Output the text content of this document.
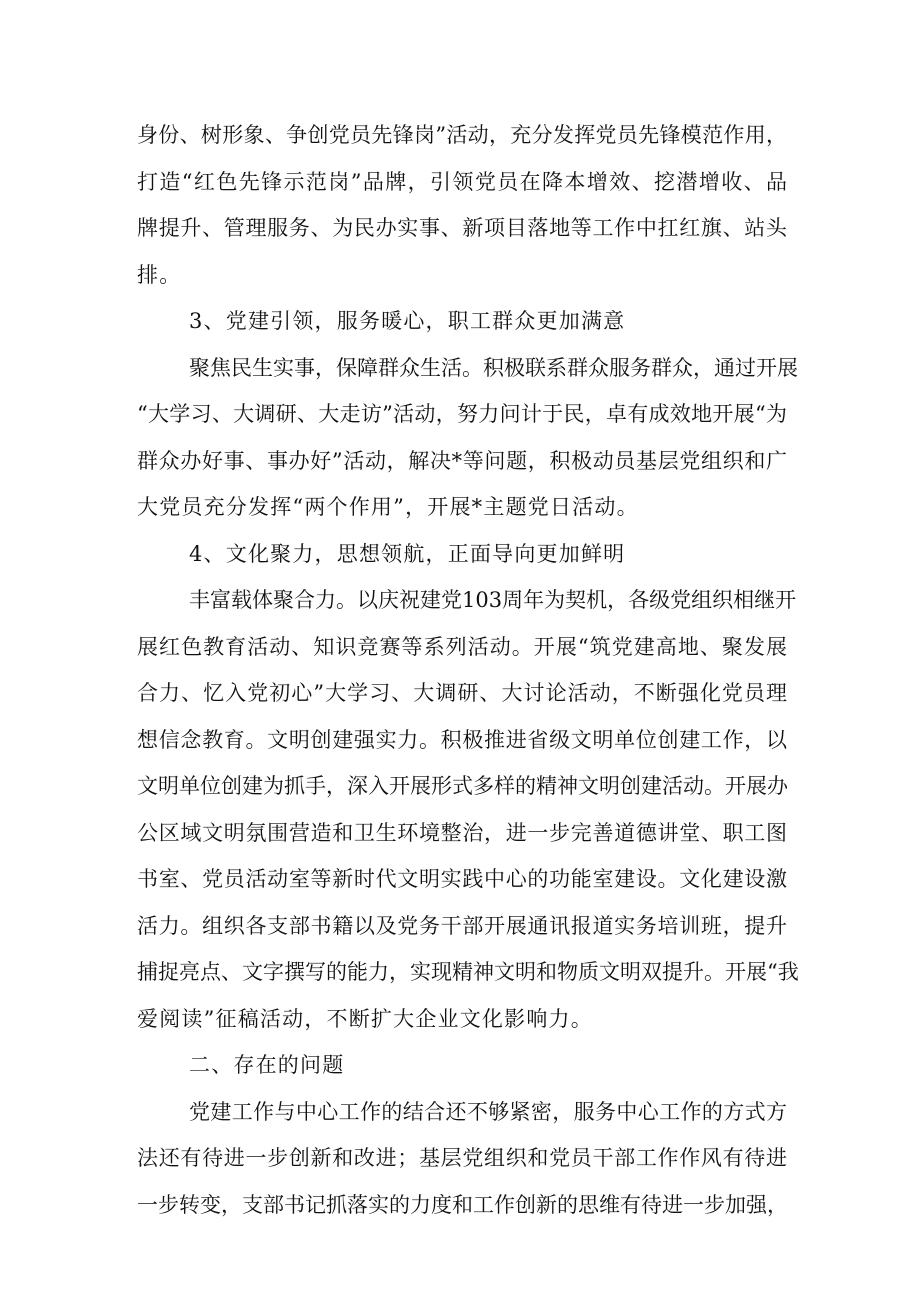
身份、树形象、争创党员先锋岗”活动，充分发挥党员先锋模范作用，
打造“红色先锋示范岗”品牌，引领党员在降本增效、挖潜增收、品
牌提升、管理服务、为民办实事、新项目落地等工作中扛红旗、站头
排。
3、党建引领，服务暖心，职工群众更加满意
聚焦民生实事，保障群众生活。积极联系群众服务群众，通过开展
“大学习、大调研、大走访”活动，努力问计于民，卓有成效地开展“为
群众办好事、事办好”活动，解决*等问题，积极动员基层党组织和广
大党员充分发挥“两个作用”，开展*主题党日活动。
4、文化聚力，思想领航，正面导向更加鲜明
丰富载体聚合力。以庆祝建党103周年为契机，各级党组织相继开
展红色教育活动、知识竞赛等系列活动。开展“筑党建高地、聚发展
合力、忆入党初心”大学习、大调研、大讨论活动，不断强化党员理
想信念教育。文明创建强实力。积极推进省级文明单位创建工作，以
文明单位创建为抓手，深入开展形式多样的精神文明创建活动。开展办
公区域文明氛围营造和卫生环境整治，进一步完善道德讲堂、职工图
书室、党员活动室等新时代文明实践中心的功能室建设。文化建设激
活力。组织各支部书籍以及党务干部开展通讯报道实务培训班，提升
捕捉亮点、文字撰写的能力，实现精神文明和物质文明双提升。开展“我
爱阅读”征稿活动，不断扩大企业文化影响力。
二、存在的问题
党建工作与中心工作的结合还不够紧密，服务中心工作的方式方
法还有待进一步创新和改进；基层党组织和党员干部工作作风有待进
一步转变，支部书记抓落实的力度和工作创新的思维有待进一步加强，
